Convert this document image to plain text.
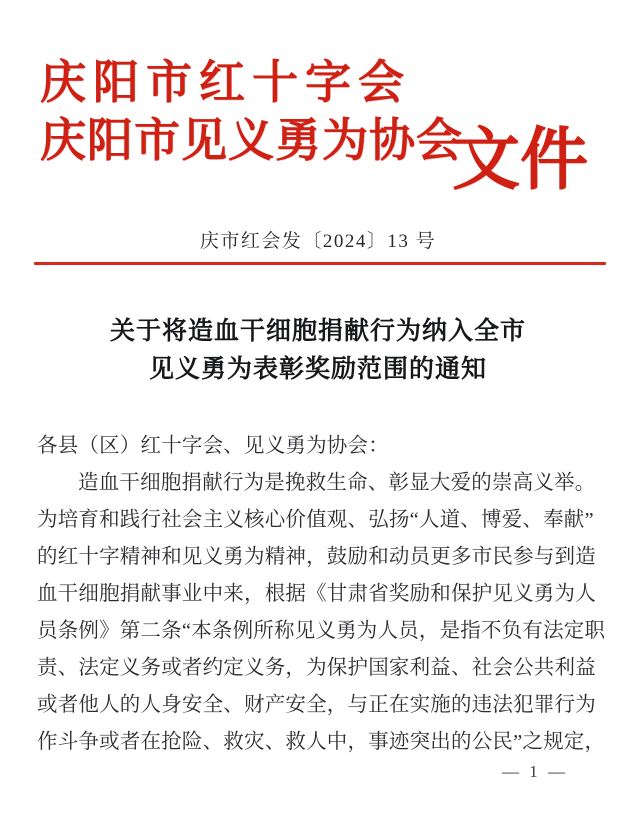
庆阳市红十字会
庆阳市见义勇为协会
文件
庆市红会发〔2024〕13 号
关于将造血干细胞捐献行为纳入全市
见义勇为表彰奖励范围的通知
各县（区）红十字会、见义勇为协会：
造血干细胞捐献行为是挽救生命、彰显大爱的崇高义举。
为培育和践行社会主义核心价值观、弘扬“人道、博爱、奉献”
的红十字精神和见义勇为精神，鼓励和动员更多市民参与到造
血干细胞捐献事业中来，根据《甘肃省奖励和保护见义勇为人
员条例》第二条“本条例所称见义勇为人员，是指不负有法定职
责、法定义务或者约定义务，为保护国家利益、社会公共利益
或者他人的人身安全、财产安全，与正在实施的违法犯罪行为
作斗争或者在抢险、救灾、救人中，事迹突出的公民”之规定，
— 1 —
